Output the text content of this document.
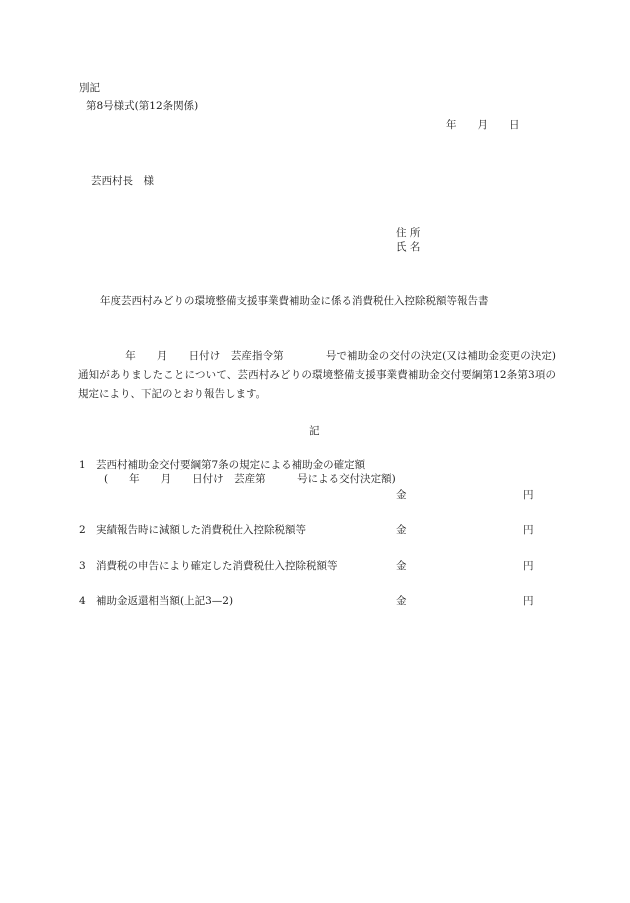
別記
第8号様式(第12条関係)
年　　月　　日
芸西村長　様
住 所
氏 名
年度芸西村みどりの環境整備支援事業費補助金に係る消費税仕入控除税額等報告書
年　　月　　日付け　芸産指令第　　　　号で補助金の交付の決定(又は補助金変更の決定)通知がありましたことについて、芸西村みどりの環境整備支援事業費補助金交付要綱第12条第3項の規定により、下記のとおり報告します。
記
1 芸西村補助金交付要綱第7条の規定による補助金の確定額
(　　年　　月　　日付け　芸産第　　　号による交付決定額)
金	円
2 実績報告時に減額した消費税仕入控除税額等	金	円
3 消費税の申告により確定した消費税仕入控除税額等	金	円
4 補助金返還相当額(上記3—2)	金	円
